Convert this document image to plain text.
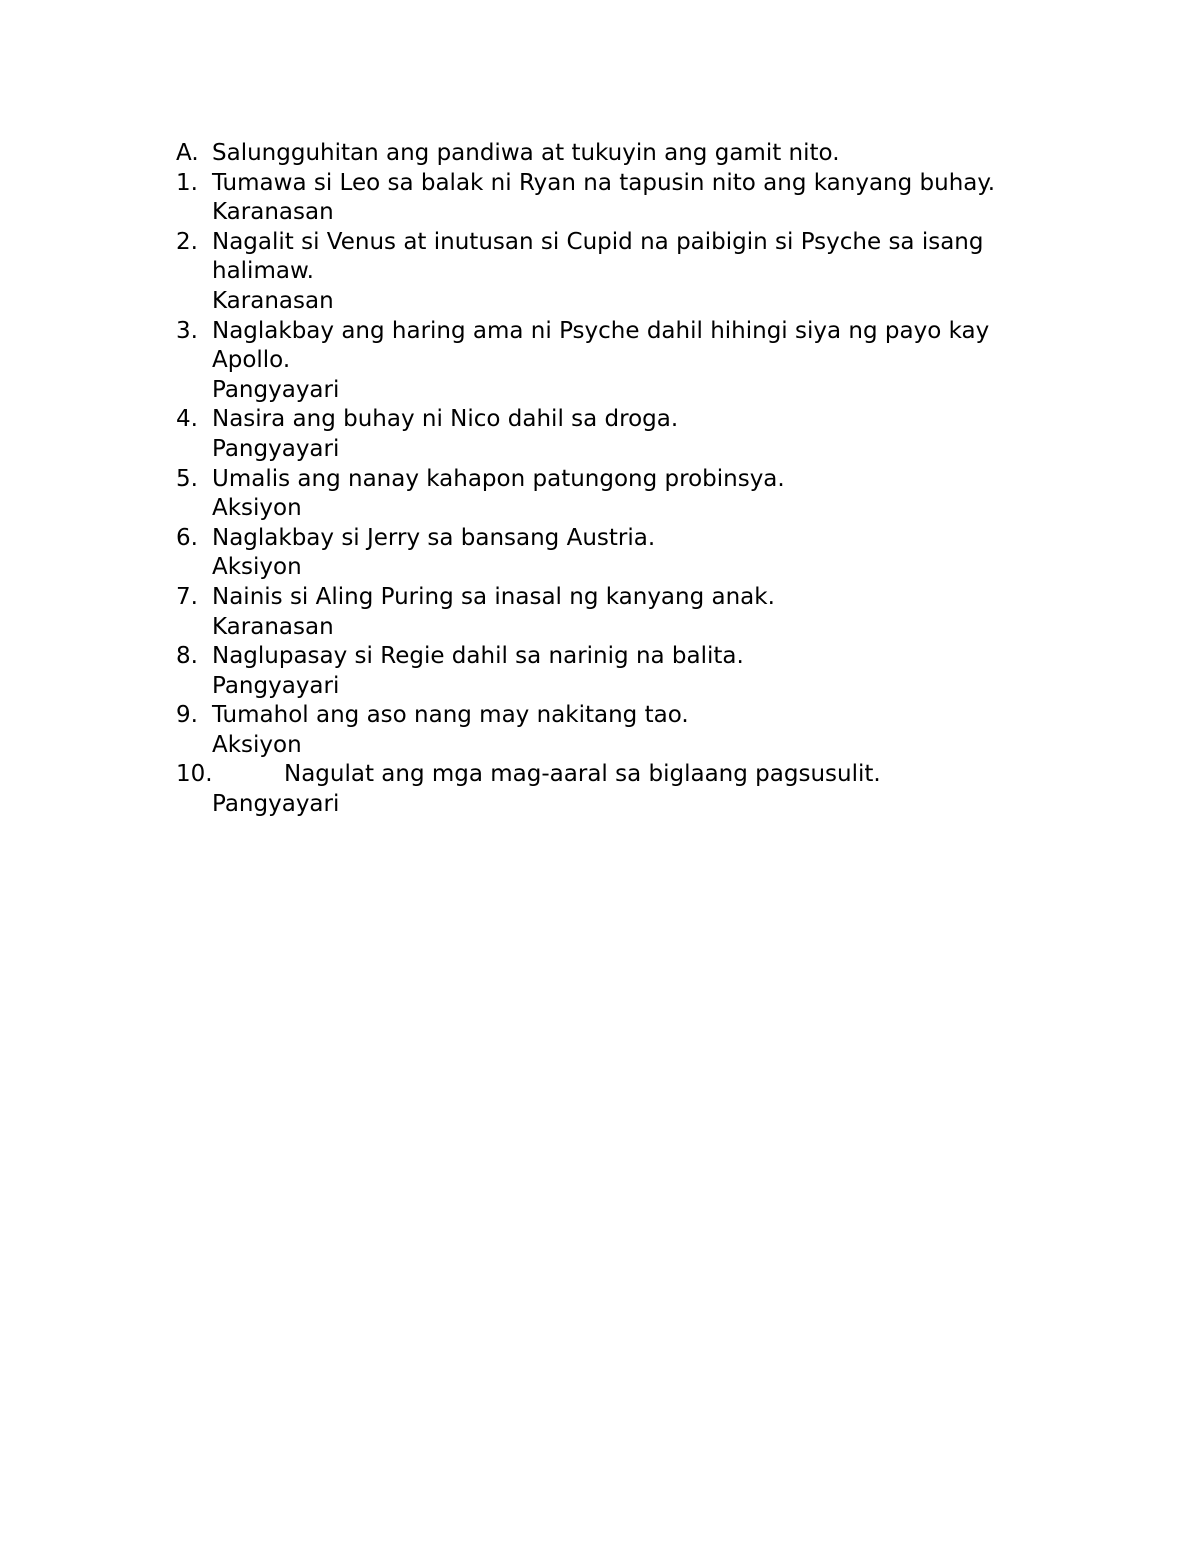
A. Salungguhitan ang pandiwa at tukuyin ang gamit nito.
1. Tumawa si Leo sa balak ni Ryan na tapusin nito ang kanyang buhay.
Karanasan
2. Nagalit si Venus at inutusan si Cupid na paibigin si Psyche sa isang halimaw.
Karanasan
3. Naglakbay ang haring ama ni Psyche dahil hihingi siya ng payo kay Apollo.
Pangyayari
4. Nasira ang buhay ni Nico dahil sa droga.
Pangyayari
5. Umalis ang nanay kahapon patungong probinsya.
Aksiyon
6. Naglakbay si Jerry sa bansang Austria.
Aksiyon
7. Nainis si Aling Puring sa inasal ng kanyang anak.
Karanasan
8. Naglupasay si Regie dahil sa narinig na balita.
Pangyayari
9. Tumahol ang aso nang may nakitang tao.
Aksiyon
10.	Nagulat ang mga mag-aaral sa biglaang pagsusulit.
Pangyayari
